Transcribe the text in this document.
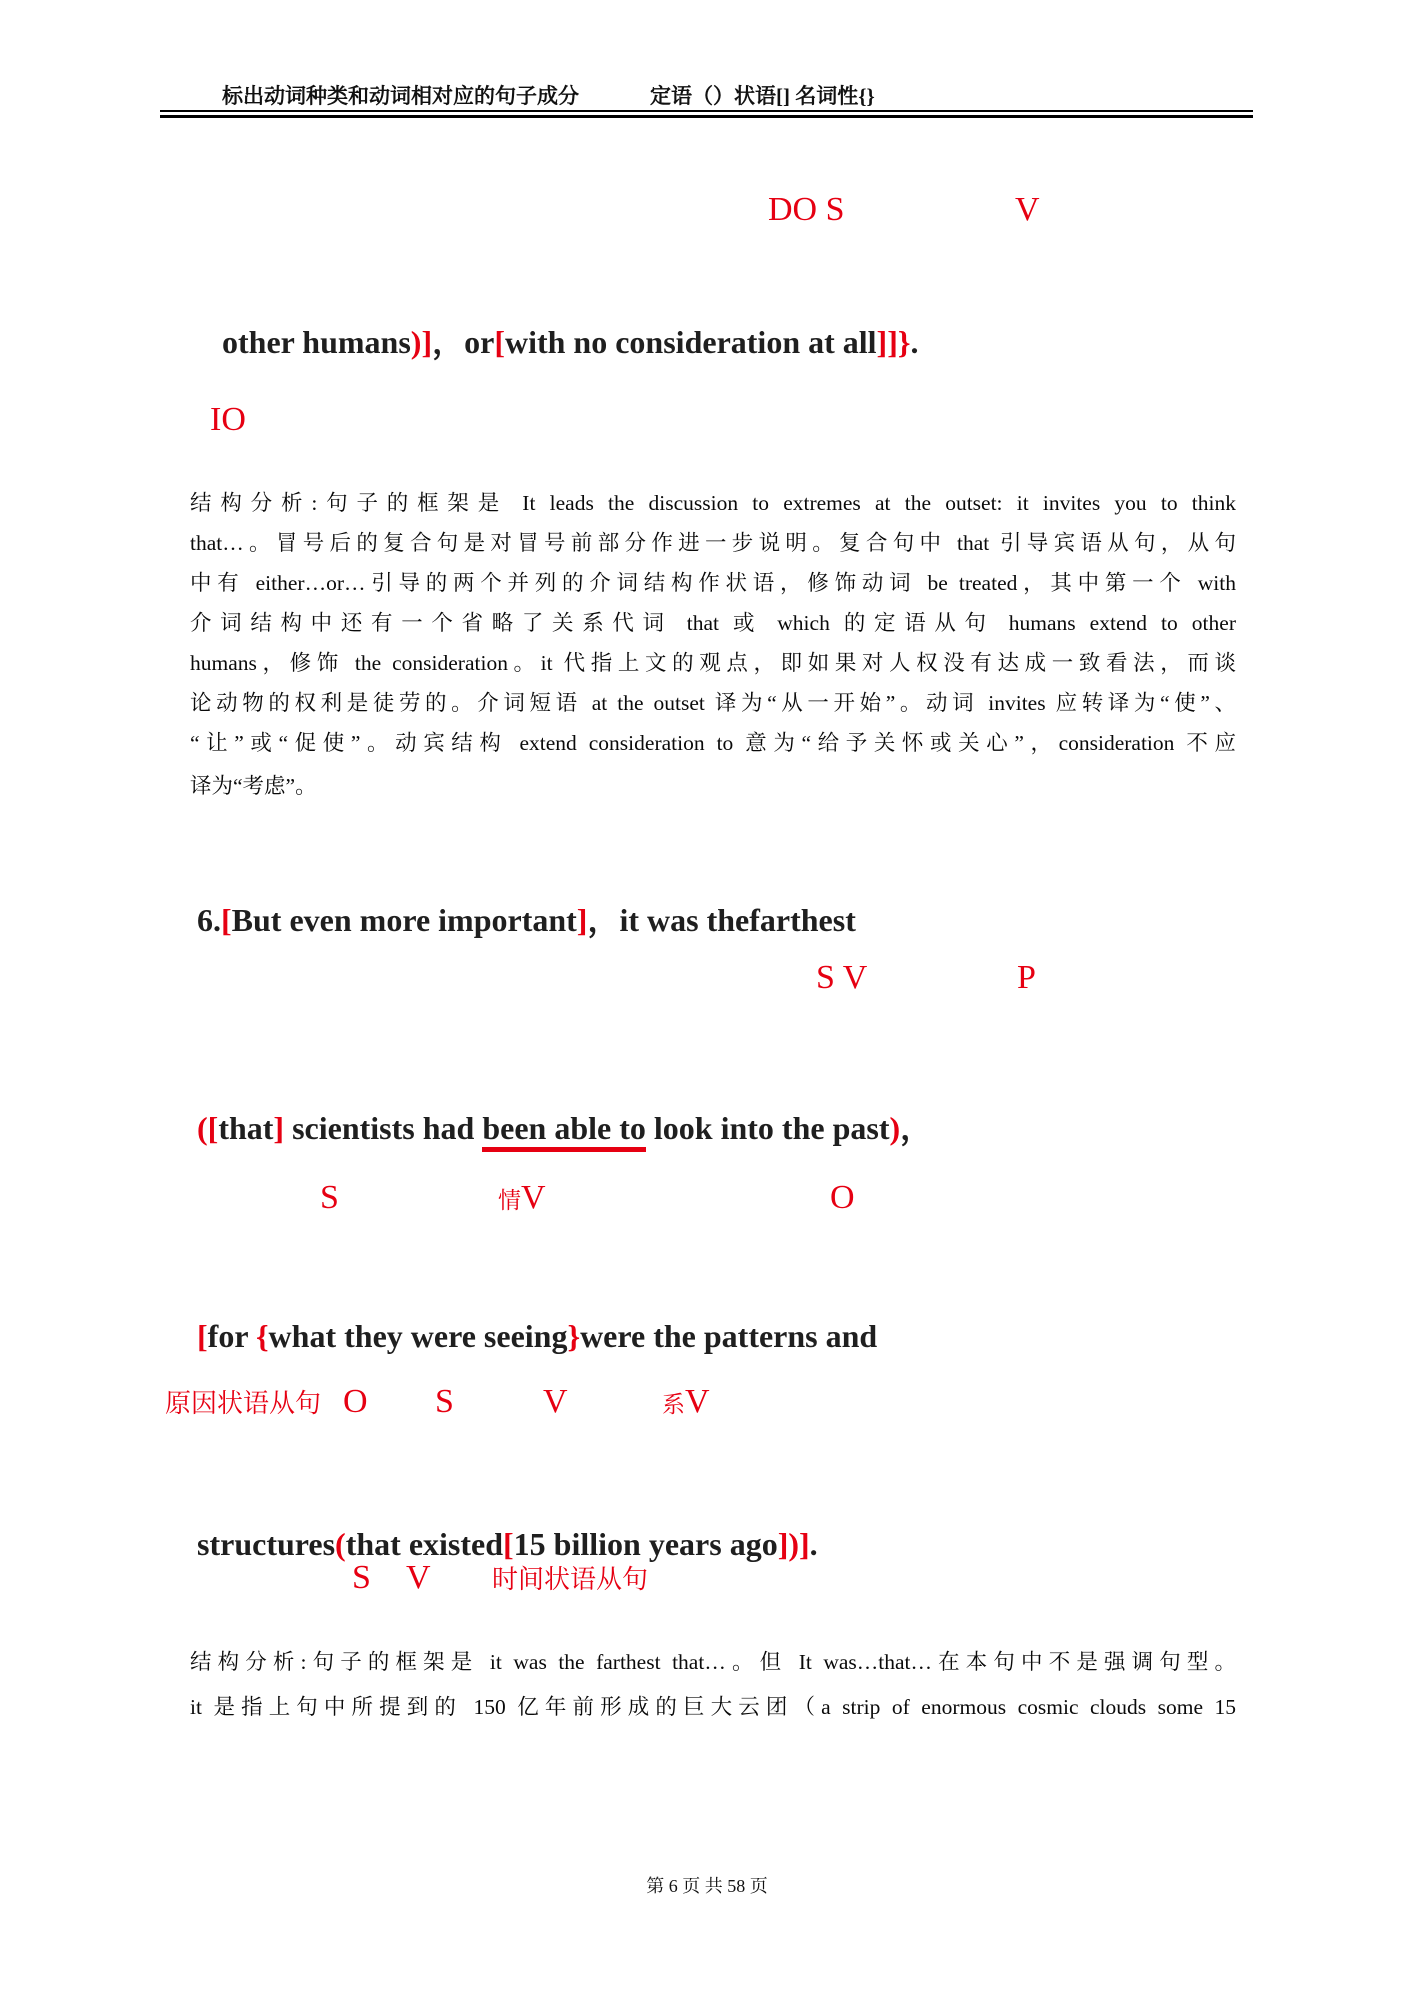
标出动词种类和动词相对应的句子成分	定语（）状语[] 名词性{}
DO S	V

other humans)]，or[with no consideration at all]]}.

IO
结构分析:句子的框架是 It leads the discussion to extremes at the outset: it invites you to think
that…。冒号后的复合句是对冒号前部分作进一步说明。复合句中 that 引导宾语从句，从句
中有 either…or…引导的两个并列的介词结构作状语，修饰动词 be treated，其中第一个 with
介词结构中还有一个省略了关系代词 that 或 which 的定语从句 humans extend to other
humans，修饰 the consideration。it 代指上文的观点，即如果对人权没有达成一致看法，而谈
论动物的权利是徒劳的。介词短语 at the outset 译为“从一开始”。动词 invites 应转译为“使”、
“让”或“促使”。动宾结构 extend consideration to 意为“给予关怀或关心”，consideration 不应
译为“考虑”。

6.[But even more important]，it was thefarthest

S V	P

([that] scientists had been able to look into the past)，

S	情V	O

[for {what they were seeing}were the patterns and

原因状语从句 O S	V	系V

structures(that existed[15 billion years ago])].

S V 时间状语从句
结构分析:句子的框架是 it was the farthest that…。但 It was…that…在本句中不是强调句型。
it 是指上句中所提到的 150 亿年前形成的巨大云团（a strip of enormous cosmic clouds some 15
第 6 页 共 58 页
